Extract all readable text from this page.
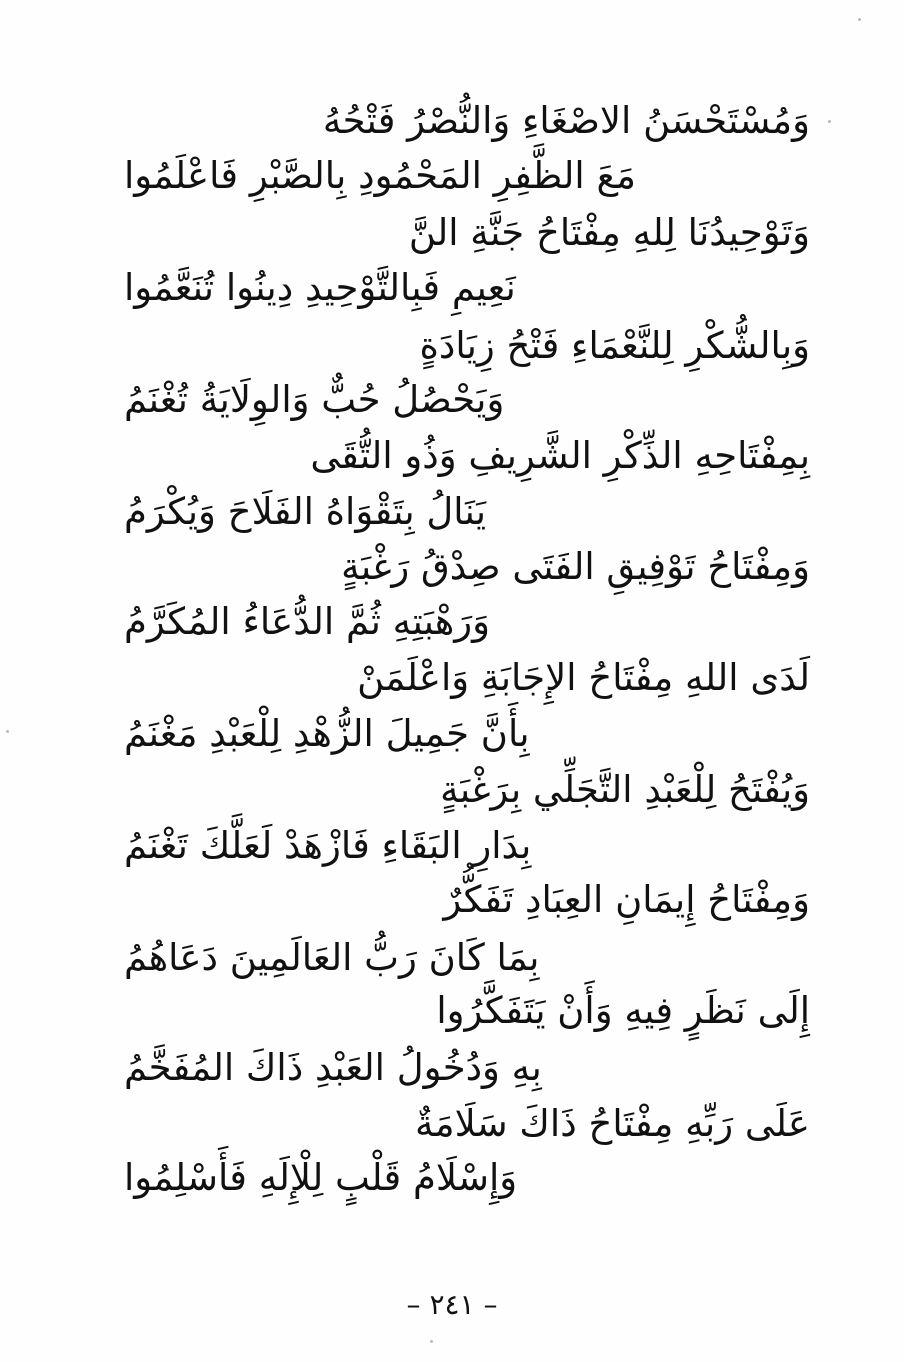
وَمُسْتَحْسَنُ الاصْغَاءِ وَالنُّصْرُ فَتْحُهُ
مَعَ الظَّفِرِ المَحْمُودِ بِالصَّبْرِ فَاعْلَمُوا
وَتَوْحِيدُنَا لِلهِ مِفْتَاحُ جَنَّةِ النَّ
نَعِيمِ فَبِالتَّوْحِيدِ دِينُوا تُنَعَّمُوا
وَبِالشُّكْرِ لِلنَّعْمَاءِ فَتْحُ زِيَادَةٍ
وَيَحْصُلُ حُبٌّ وَالوِلَايَةُ تُغْنَمُ
بِمِفْتَاحِهِ الذِّكْرِ الشَّرِيفِ وَذُو التُّقَى
يَنَالُ بِتَقْوَاهُ الفَلَاحَ وَيُكْرَمُ
وَمِفْتَاحُ تَوْفِيقِ الفَتَى صِدْقُ رَغْبَةٍ
وَرَهْبَتِهِ ثُمَّ الدُّعَاءُ المُكَرَّمُ
لَدَى اللهِ مِفْتَاحُ الإِجَابَةِ وَاعْلَمَنْ
بِأَنَّ جَمِيلَ الزُّهْدِ لِلْعَبْدِ مَغْنَمُ
وَيُفْتَحُ لِلْعَبْدِ التَّجَلِّي بِرَغْبَةٍ
بِدَارِ البَقَاءِ فَازْهَدْ لَعَلَّكَ تَغْنَمُ
وَمِفْتَاحُ إِيمَانِ العِبَادِ تَفَكُّرٌ
بِمَا كَانَ رَبُّ العَالَمِينَ دَعَاهُمُ
إِلَى نَظَرٍ فِيهِ وَأَنْ يَتَفَكَّرُوا
بِهِ وَدُخُولُ العَبْدِ ذَاكَ المُفَخَّمُ
عَلَى رَبِّهِ مِفْتَاحُ ذَاكَ سَلَامَةٌ
وَإِسْلَامُ قَلْبٍ لِلْإِلَهِ فَأَسْلِمُوا
– ٢٤١ –
